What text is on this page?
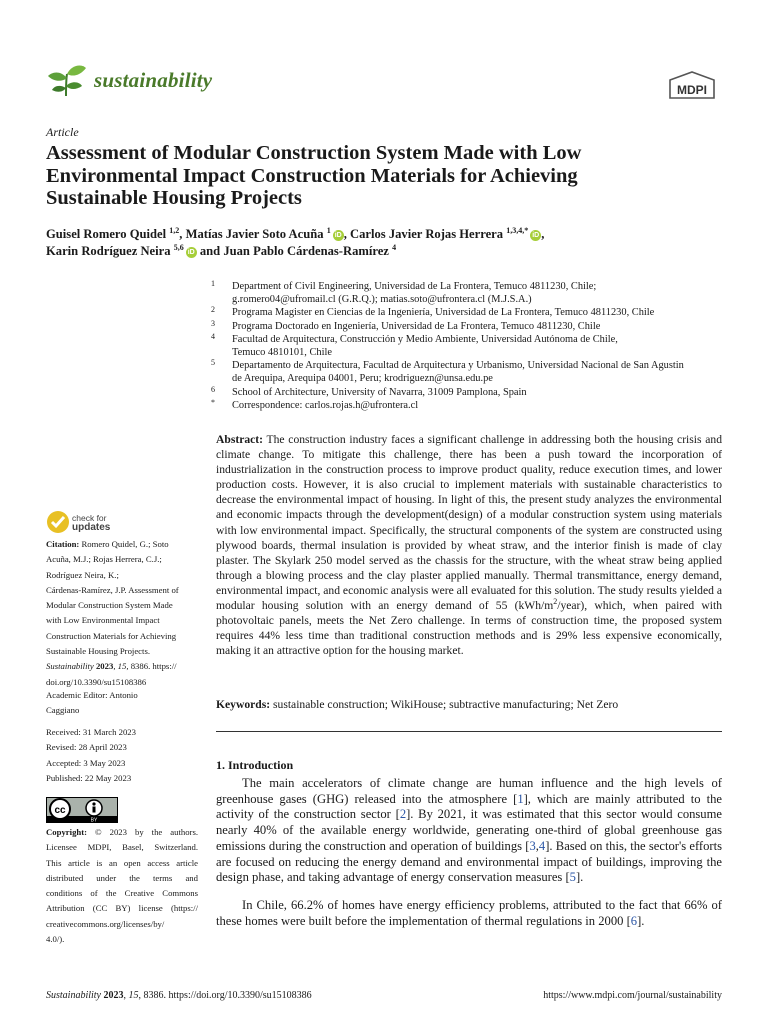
sustainability	MDPI
Article
Assessment of Modular Construction System Made with Low
Environmental Impact Construction Materials for Achieving
Sustainable Housing Projects
Guisel Romero Quidel $^{1,2}$, Matías Javier Soto Acuña $^1$iD , Carlos Javier Rojas Herrera $^{1,3,4,*}$iD ,
Karin Rodríguez Neira $^{5,6}$iD and Juan Pablo Cárdenas-Ramírez $^4$
1 Department of Civil Engineering, Universidad de La Frontera, Temuco 4811230, Chile;
g.romero04@ufromail.cl (G.R.Q.); matias.soto@ufrontera.cl (M.J.S.A.)
2 Programa Magister en Ciencias de la Ingeniería, Universidad de La Frontera, Temuco 4811230, Chile
3 Programa Doctorado en Ingeniería, Universidad de La Frontera, Temuco 4811230, Chile
4 Facultad de Arquitectura, Construcción y Medio Ambiente, Universidad Autónoma de Chile,
Temuco 4810101, Chile
5 Departamento de Arquitectura, Facultad de Arquitectura y Urbanismo, Universidad Nacional de San Agustin
de Arequipa, Arequipa 04001, Peru; krodriguezn@unsa.edu.pe
6 School of Architecture, University of Navarra, 31009 Pamplona, Spain
* Correspondence: carlos.rojas.h@ufrontera.cl

Abstract: The construction industry faces a significant challenge in addressing both the housing crisis and climate change. To mitigate this challenge, there has been a push toward the incorporation of industrialization in the construction process to improve product quality, reduce execution times, and lower production costs. However, it is also crucial to implement materials with sustainable characteristics to decrease the environmental impact of housing. In light of this, the present study analyzes the environmental and economic impacts through the development(design) of a modular construction system using materials with low environmental impact. Specifically, the structural components of the system are constructed using plywood boards, thermal insulation is provided by wheat straw, and the interior finish is made of clay plaster. The Skylark 250 model served as the chassis for the structure, with the wheat straw being applied through a blowing process and the clay plaster applied manually. Thermal transmittance, energy demand, environmental impact, and economic analysis were all evaluated for this solution. The study results yielded a modular housing solution with an energy demand of 55 $(kWh/m^2/year)$, which, when paired with photovoltaic panels, meets the Net Zero challenge. In terms of construction time, the proposed system requires 44% less time than traditional construction methods and is 29% less expensive economically, making it an attractive option for the housing market.

Keywords: sustainable construction; WikiHouse; subtractive manufacturing; Net Zero
1. Introduction

The main accelerators of climate change are human influence and the high levels of greenhouse gases (GHG) released into the atmosphere [1], which are mainly attributed to the activity of the construction sector [2]. By 2021, it was estimated that this sector would consume nearly 40% of the available energy worldwide, generating one-third of global greenhouse gas emissions during the construction and operation of buildings [3,4]. Based on this, the sector's efforts are focused on reducing the energy demand and environmental impact of buildings, improving the design phase, and taking advantage of energy conservation measures [5].

In Chile, 66.2% of homes have energy efficiency problems, attributed to the fact that 66% of these homes were built before the implementation of thermal regulations in 2000 [6].

check for
updates
Citation: Romero Quidel, G.; Soto
Acuña, M.J.; Rojas Herrera, C.J.;
Rodríguez Neira, K.;
Cárdenas-Ramírez, J.P. Assessment of
Modular Construction System Made
with Low Environmental Impact
Construction Materials for Achieving
Sustainable Housing Projects.
Sustainability 2023, 15, 8386. https://
doi.org/10.3390/su15108386
Academic Editor: Antonio
Caggiano
Received: 31 March 2023
Revised: 28 April 2023
Accepted: 3 May 2023
Published: 22 May 2023
cc
BY
Copyright: © 2023 by the authors.
Licensee MDPI, Basel, Switzerland.
This article is an open access article
distributed under the terms and
conditions of the Creative Commons
Attribution (CC BY) license (https://
creativecommons.org/licenses/by/
4.0/).
Sustainability 2023, 15, 8386. https://doi.org/10.3390/su15108386	https://www.mdpi.com/journal/sustainability
